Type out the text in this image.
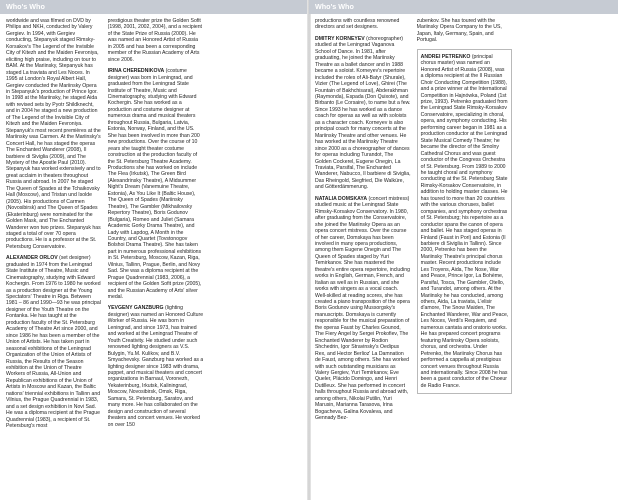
Who's Who

worldwide and was filmed on DVD by Philips and NKH, conducted by Valery Gergiev. In 1994, with Gergiev conducting, Stepanyuk staged Rimsky-Korsakov's The Legend of the Invisible City of Kitezh and the Maiden Fevroniya, eliciting high praise, including on tour to BAM. At the Mariinsky, Stepanyuk has staged La traviata and Les Noces. In 1995 at London's Royal Albert Hall, Gergiev conducted the Mariinsky Opera in Stepanyuk's production of Prince Igor. In 1998 at the Mariinsky, he staged Aida with revised sets by Pyotr Shildknecht, and in 2004 he staged a new production of The Legend of the Invisible City of Kitezh and the Maiden Fevroniya. Stepanyuk's most recent premières at the Mariinsky was Carmen. At the Mariinsky's Concert Hall, he has staged the operas The Enchanted Wanderer (2008), Il barbiere di Siviglia (2009), and The Mystery of the Apostle Paul (2010). Stepanyuk has worked extensively and to great acclaim in theaters throughout Russia and abroad. In 2007 he staged The Queen of Spades at the Tchaikovsky Hall (Moscow), and Tristan und Isolde (2005). His productions of Carmen (Novosibirsk) and The Queen of Spades (Ekaterinburg) were nominated for the Golden Mask, and The Enchanted Wanderer won two prizes. Stepanyuk has staged a total of over 70 opera productions. He is a professor at the St. Petersburg Conservatoire.

ALEXANDER ORLOV (set designer) graduated in 1974 from the Leningrad State Institute of Theatre, Music and Cinematography, studying with Edward Kochergin. From 1976 to 1980 he worked as a production designer at the Young Spectators' Theatre in Riga. Between 1981 – 86 and 1990—93 he was principal designer of the Youth Theatre on the Fontanka. He has taught at the production faculty of the St. Petersburg Academy of Theatre Art since 2000, and since 1986 he has been a member of the Union of Artists. He has taken part in seasonal exhibitions of the Leningrad Organization of the Union of Artists of Russia, the Results of the Season exhibition at the Union of Theatre Workers of Russia, All-Union and Republican exhibitions of the Union of Artists in Moscow and Kazan, the Baltic nations' triennial exhibitions in Tallinn and Vilnius, the Prague Quadrennial in 1983, and a set design exhibition in Novi Sad. He was a diploma recipient at the Prague Quadrennial (1983), a recipient of St. Petersburg's most

prestigious theater prize the Golden Sofit (1998, 2001, 2002, 2004), and a recipient of the State Prize of Russia (2000). He was named an Honored Artist of Russia in 2005 and has been a corresponding member of the Russian Academy of Arts since 2006.

IRINA CHEREDNIKOVA (costume designer) was born in Leningrad, and graduated from the Leningrad State Institute of Theatre, Music and Cinematography, studying with Edward Kochergin. She has worked as a production and costume designer at numerous drama and musical theaters throughout Russia, Bulgaria, Latvia, Estonia, Norway, Finland, and the US. She has been involved in more than 200 new productions. Over the course of 10 years she taught theater costume construction at the production faculty of the St. Petersburg Theatre Academy. Productions she has worked on include The Flea (Irkutsk), The Green Bird (Alexandrinsky Theatre), A Midsummer Night's Dream (Vanemuine Theatre, Estonia), As You Like It (Baltic House), The Queen of Spades (Mariinsky Theatre), The Gambler (Mikhailovsky Repertory Theatre), Boris Godunov (Bulgaria), Romeo and Juliet (Samara Academic Gorky Drama Theatre), and Lady with Lapdog, A Month in the Country, and Quartet (Tovstonogov Bolshoi Drama Theatre). She has taken part in numerous professional exhibitions in St. Petersburg, Moscow, Kazan, Riga, Vilnius, Tallinn, Prague, Berlin, and Novy Sad. She was a diploma recipient at the Prague Quadrennial (1983, 2006), a recipient of the Golden Sofit prize (2005), and the Russian Academy of Arts' silver medal.

YEVGENY GANZBURG (lighting designer) was named an Honored Culture Worker of Russia. He was born in Leningrad, and since 1973, has trained and worked at the Leningrad Theatre of Youth Creativity. He studied under such renowned lighting designers as V.S. Bulygin, Yu.M. Kulikov, and B.V. Smyachevsky. Ganzburg has worked as a lighting designer since 1983 with drama, puppet, and musical theaters and concert organizations in Barnaul, Voronezh, Yekaterinburg, Irkutsk, Kaliningrad, Moscow, Novosibirsk, Omsk, Riga, Samara, St. Petersburg, Saratov, and many more. He has collaborated on the design and construction of several theaters and concert venues. He worked on over 150

Who's Who

productions with countless renowned directors and set designers.

DMITRY KORNEYEV (choreographer) studied at the Leningrad Vaganova School of Dance. In 1981, after graduating, he joined the Mariinsky Theatre as a ballet dancer and in 1988 became a soloist. Korneyev's repertoire included the roles of Ali-Batyr (Shurale), Vizier (The Legend of Love), Ghirei (The Fountain of Bakhchisarai), Abderakhman (Raymonda), Espada (Don Quixote), and Birbanto (Le Corsaire), to name but a few. Since 1993 he has worked as a dance coach for operas as well as with soloists as a character coach. Korneyev is also principal coach for many concerts at the Mariinsky Theatre and other venues. He has worked at the Mariinsky Theatre since 2000 as a choreographer of dances for operas including Turandot, The Golden Cockerel, Eugene Onegin, La Traviata, Parsifal, The Enchanted Wanderer, Nabucco, Il barbiere di Siviglia, Das Rheingold, Siegfried, Die Walküre, and Götterdämmerung.

NATALIA DOMSKAYA (concert mistress) studied music at the Leningrad State Rimsky-Korsakov Conservatory. In 1980, after graduating from the Conservatoire, she joined the Mariinsky Opera as an opera concert mistress. Over the course of her career, Domskaya has been involved in many opera productions, among them Eugene Onegin and The Queen of Spades staged by Yuri Temirkanov. She has mastered the theatre's entire opera repertoire, including works in English, German, French, and Italian as well as in Russian, and she works with singers as a vocal coach. Well-skilled at reading scores, she has created a piano transposition of the opera Boris Godunov using Mussorgsky's manuscripts. Domskaya is currently responsible for the musical preparation of the operas Faust by Charles Gounod, The Fiery Angel by Sergei Prokofiev, The Enchanted Wanderer by Rodion Shchedrin, Igor Stravinsky's Oedipus Rex, and Hector Berlioz' La Damnation de Faust, among others. She has worked with such outstanding musicians as Valery Gergiev, Yuri Temirkanov, Eve Queler, Plácido Domingo, and Henri Dutilleux. She has performed in concert halls throughout Russia and abroad with, among others, Nikolai Putilin, Yuri Marusin, Marianna Tarasova, Irina Bogacheva, Galina Kovaleva, and Gennady Bez-

zubenkov. She has toured with the Mariinsky Opera Company to the US, Japan, Italy, Germany, Spain, and Portugal.

ANDREI PETRENKO (principal chorus master) was named an Honored Artist of Russia (2008), was a diploma recipient at the II Russian Choir Conducting Competition (1988), and a prize winner at the International Competition in Hajnówka, Poland (1st prize, 1993). Petrenko graduated from the Leningrad State Rimsky-Korsakov Conservatoire, specializing in choral, opera, and symphony conducting. His performing career began in 1981 as a production conductor at the Leningrad State Musical Comedy Theatre; he became the director of the Smolny Cathedral Chorus and was guest conductor of the Congress Orchestra of St. Petersburg. From 1989 to 2000 he taught choral and symphony conducting at the St. Petersburg State Rimsky-Korsakov Conservatoire, in addition to holding master classes. He has toured to more than 20 countries with the various choruses, ballet companies, and symphony orchestras of St. Petersburg; his repertoire as a conductor spans the canon of opera and ballet. He has staged operas in Finland (Faust in Pori) and Estonia (Il barbiere di Siviglia in Tallinn). Since 2000, Petrenko has been the Mariinsky Theatre's principal chorus master. Recent productions include Les Troyens, Aida, The Nose, War and Peace, Prince Igor, La Bohème, Parsifal, Tosca, The Gambler, Otello, and Turandot, among others. At the Mariinsky he has conducted, among others, Aida, La traviata, L'elisir d'amore, The Snow Maiden, The Enchanted Wanderer, War and Peace, Les Noces, Verdi's Requiem, and numerous cantata and oratorio works. He has prepared concert programs featuring Mariinsky Opera soloists, chorus, and orchestra. Under Petrenko, the Mariinsky Chorus has performed a cappella at prestigious concert venues throughout Russia and internationally. Since 2008 he has been a guest conductor of the Choeur de Radio France.
